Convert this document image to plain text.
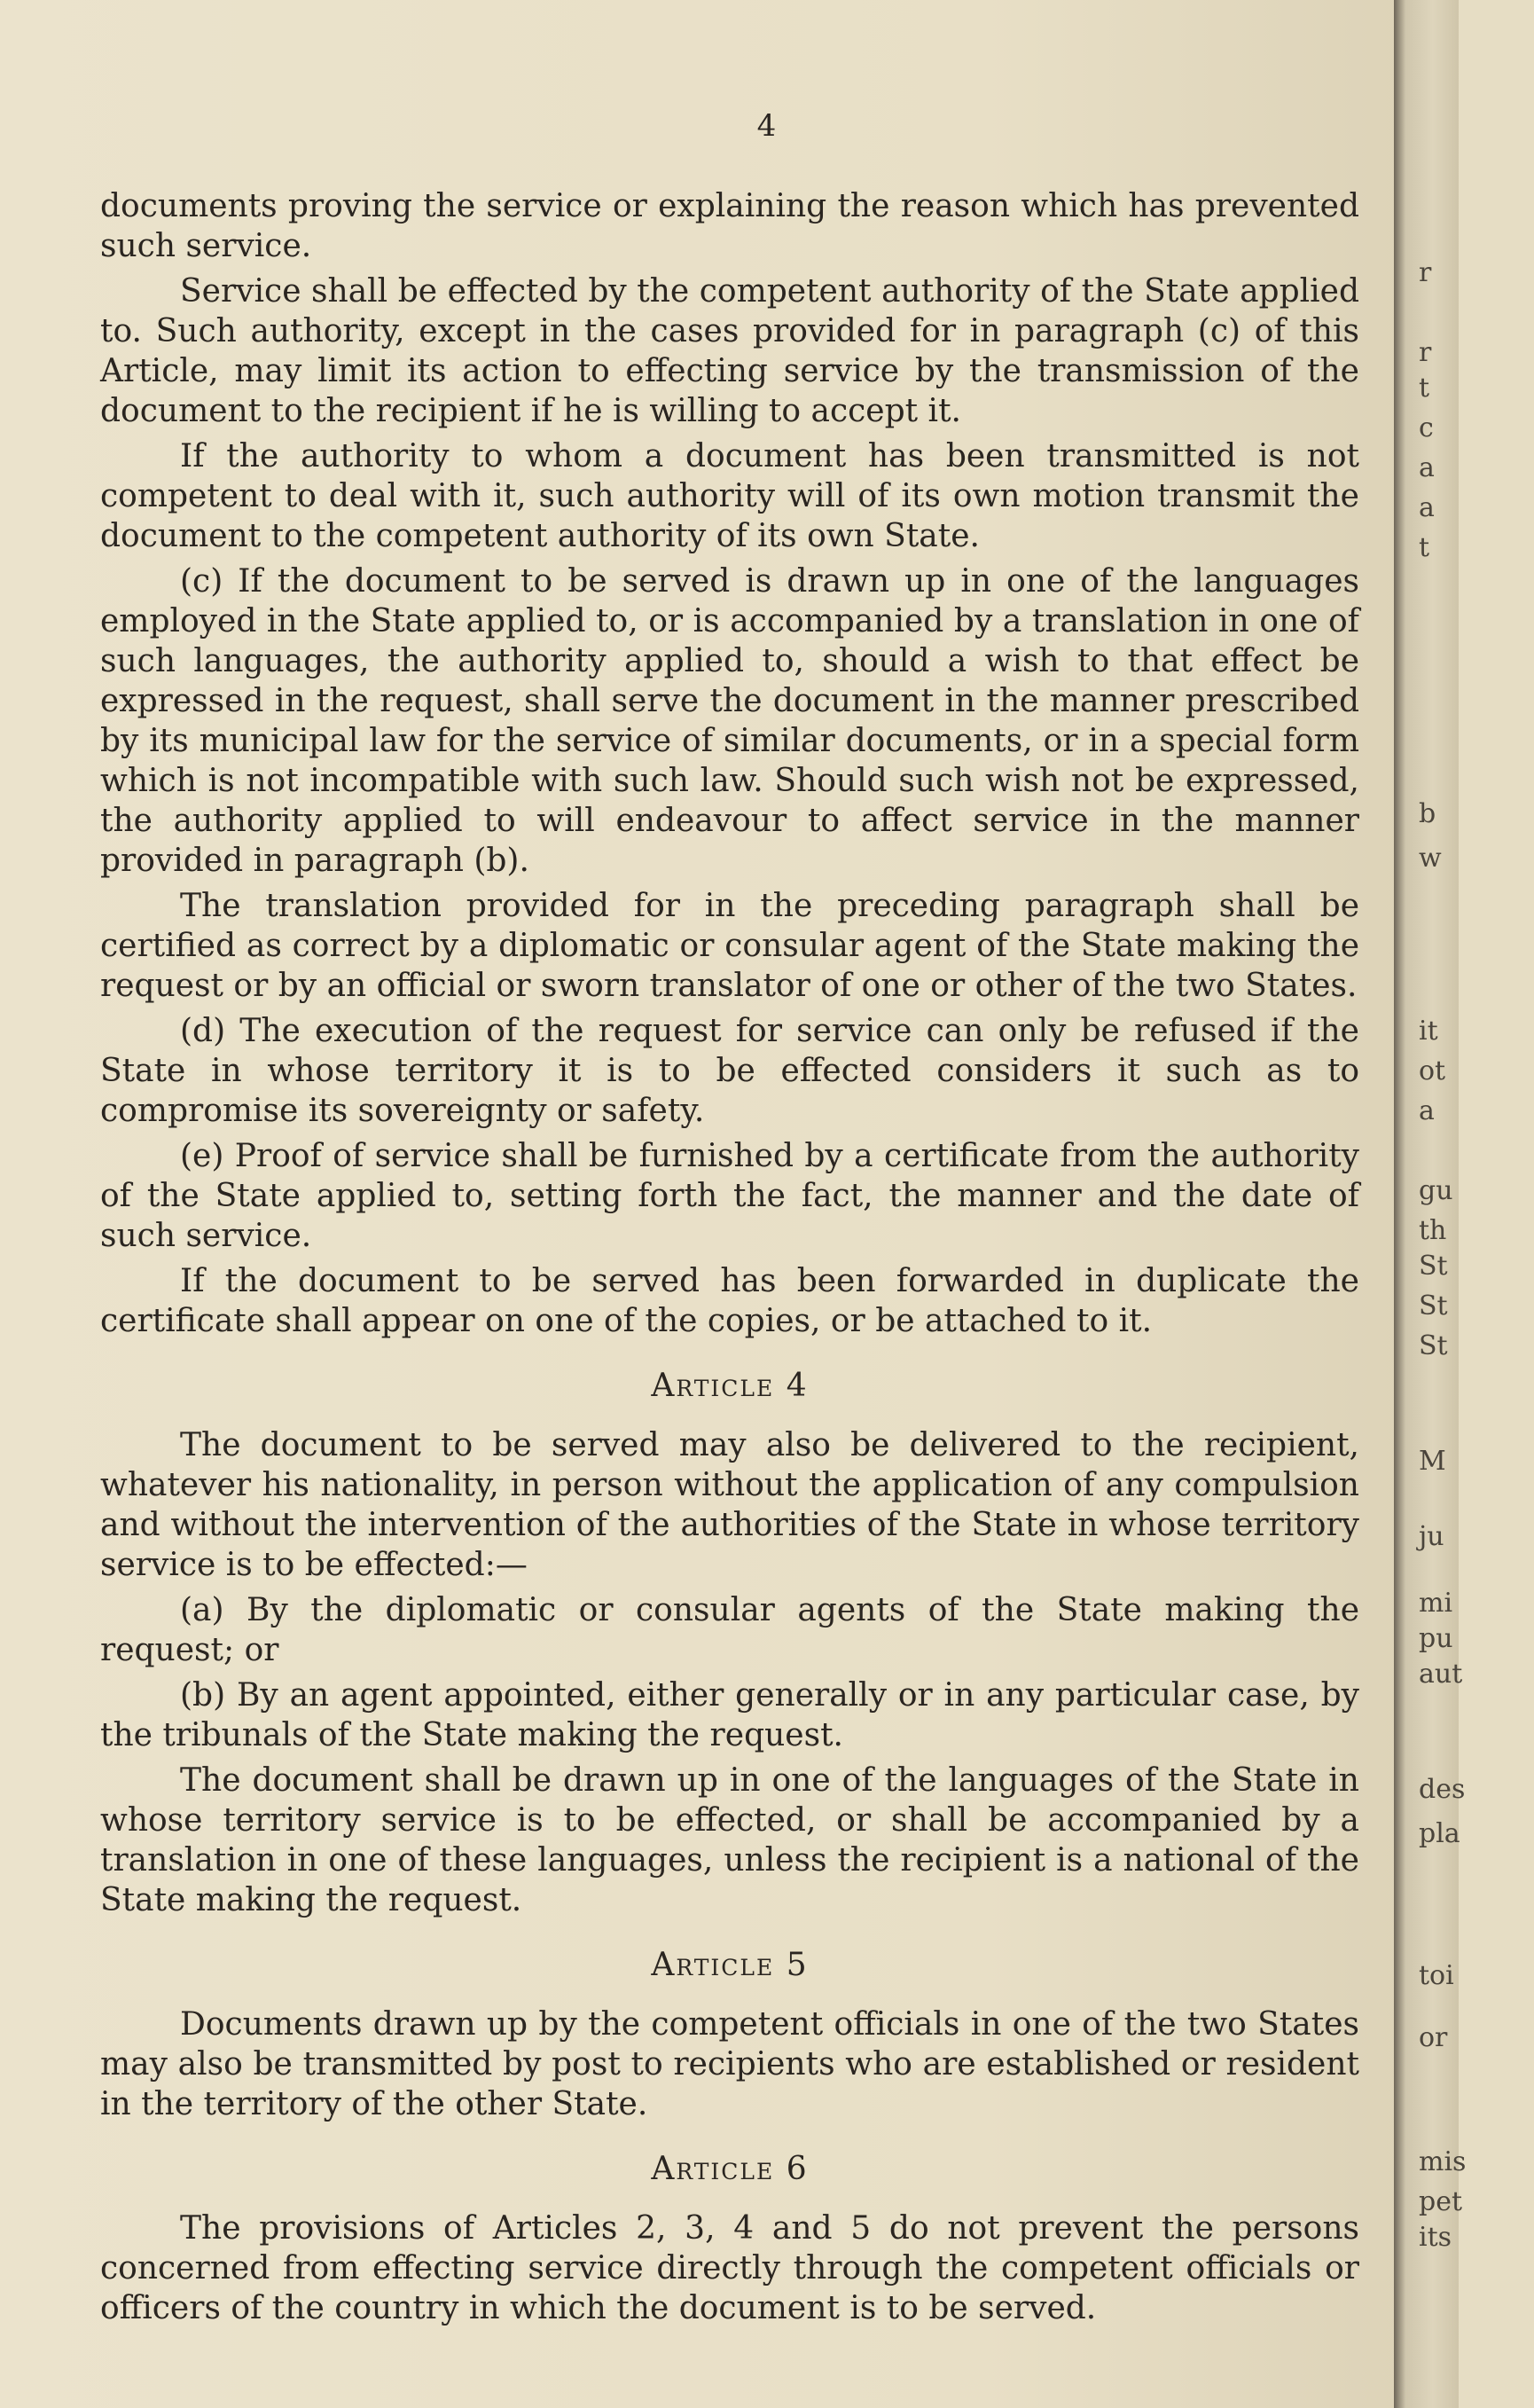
4

documents proving the service or explaining the reason which has prevented such service.

Service shall be effected by the competent authority of the State applied to. Such authority, except in the cases provided for in paragraph (c) of this Article, may limit its action to effecting service by the transmission of the document to the recipient if he is willing to accept it.

If the authority to whom a document has been transmitted is not competent to deal with it, such authority will of its own motion transmit the document to the competent authority of its own State.

(c) If the document to be served is drawn up in one of the languages employed in the State applied to, or is accompanied by a translation in one of such languages, the authority applied to, should a wish to that effect be expressed in the request, shall serve the document in the manner prescribed by its municipal law for the service of similar documents, or in a special form which is not incompatible with such law. Should such wish not be expressed, the authority applied to will endeavour to affect service in the manner provided in paragraph (b).

The translation provided for in the preceding paragraph shall be certified as correct by a diplomatic or consular agent of the State making the request or by an official or sworn translator of one or other of the two States.

(d) The execution of the request for service can only be refused if the State in whose territory it is to be effected considers it such as to compromise its sovereignty or safety.

(e) Proof of service shall be furnished by a certificate from the authority of the State applied to, setting forth the fact, the manner and the date of such service.

If the document to be served has been forwarded in duplicate the certificate shall appear on one of the copies, or be attached to it.

Article 4

The document to be served may also be delivered to the recipient, whatever his nationality, in person without the application of any compulsion and without the intervention of the authorities of the State in whose territory service is to be effected:—

(a) By the diplomatic or consular agents of the State making the request; or

(b) By an agent appointed, either generally or in any particular case, by the tribunals of the State making the request.

The document shall be drawn up in one of the languages of the State in whose territory service is to be effected, or shall be accompanied by a translation in one of these languages, unless the recipient is a national of the State making the request.

Article 5

Documents drawn up by the competent officials in one of the two States may also be transmitted by post to recipients who are established or resident in the territory of the other State.

Article 6

The provisions of Articles 2, 3, 4 and 5 do not prevent the persons concerned from effecting service directly through the competent officials or officers of the country in which the document is to be served.

r
r
t
c
a
a
t
b
w
it
ot
a
gu
th
St
St
St
M
ju
mi
pu
aut
des
pla
toi
or
mis
pet
its
